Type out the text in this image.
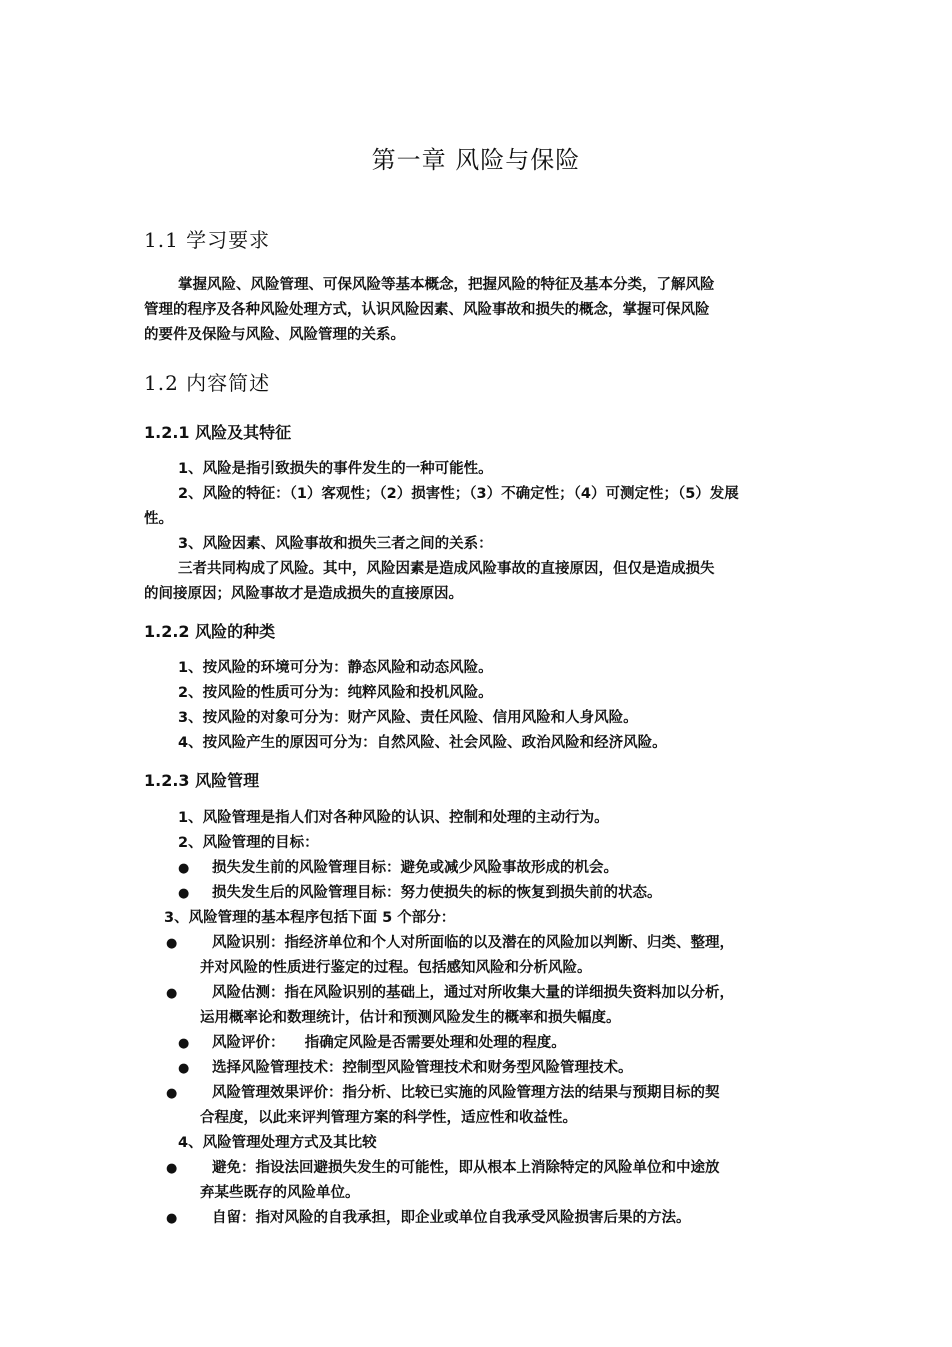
第一章 风险与保险
1.1 学习要求
掌握风险、风险管理、可保风险等基本概念，把握风险的特征及基本分类，了解风险
管理的程序及各种风险处理方式，认识风险因素、风险事故和损失的概念，掌握可保风险
的要件及保险与风险、风险管理的关系。
1.2 内容简述
1.2.1 风险及其特征
1、风险是指引致损失的事件发生的一种可能性。
2、风险的特征：（1）客观性；（2）损害性；（3）不确定性；（4）可测定性；（5）发展
性。
3、风险因素、风险事故和损失三者之间的关系：
三者共同构成了风险。其中，风险因素是造成风险事故的直接原因，但仅是造成损失
的间接原因；风险事故才是造成损失的直接原因。
1.2.2 风险的种类
1、按风险的环境可分为：静态风险和动态风险。
2、按风险的性质可分为：纯粹风险和投机风险。
3、按风险的对象可分为：财产风险、责任风险、信用风险和人身风险。
4、按风险产生的原因可分为：自然风险、社会风险、政治风险和经济风险。
1.2.3 风险管理
1、风险管理是指人们对各种风险的认识、控制和处理的主动行为。
2、风险管理的目标：
● 损失发生前的风险管理目标：避免或减少风险事故形成的机会。
● 损失发生后的风险管理目标：努力使损失的标的恢复到损失前的状态。
3、风险管理的基本程序包括下面 5 个部分：
● 风险识别：指经济单位和个人对所面临的以及潜在的风险加以判断、归类、整理，
并对风险的性质进行鉴定的过程。包括感知风险和分析风险。
● 风险估测：指在风险识别的基础上，通过对所收集大量的详细损失资料加以分析，
运用概率论和数理统计，估计和预测风险发生的概率和损失幅度。
● 风险评价：    指确定风险是否需要处理和处理的程度。
● 选择风险管理技术：控制型风险管理技术和财务型风险管理技术。
● 风险管理效果评价：指分析、比较已实施的风险管理方法的结果与预期目标的契
合程度，以此来评判管理方案的科学性，适应性和收益性。
4、风险管理处理方式及其比较
● 避免：指设法回避损失发生的可能性，即从根本上消除特定的风险单位和中途放
弃某些既存的风险单位。
● 自留：指对风险的自我承担，即企业或单位自我承受风险损害后果的方法。
